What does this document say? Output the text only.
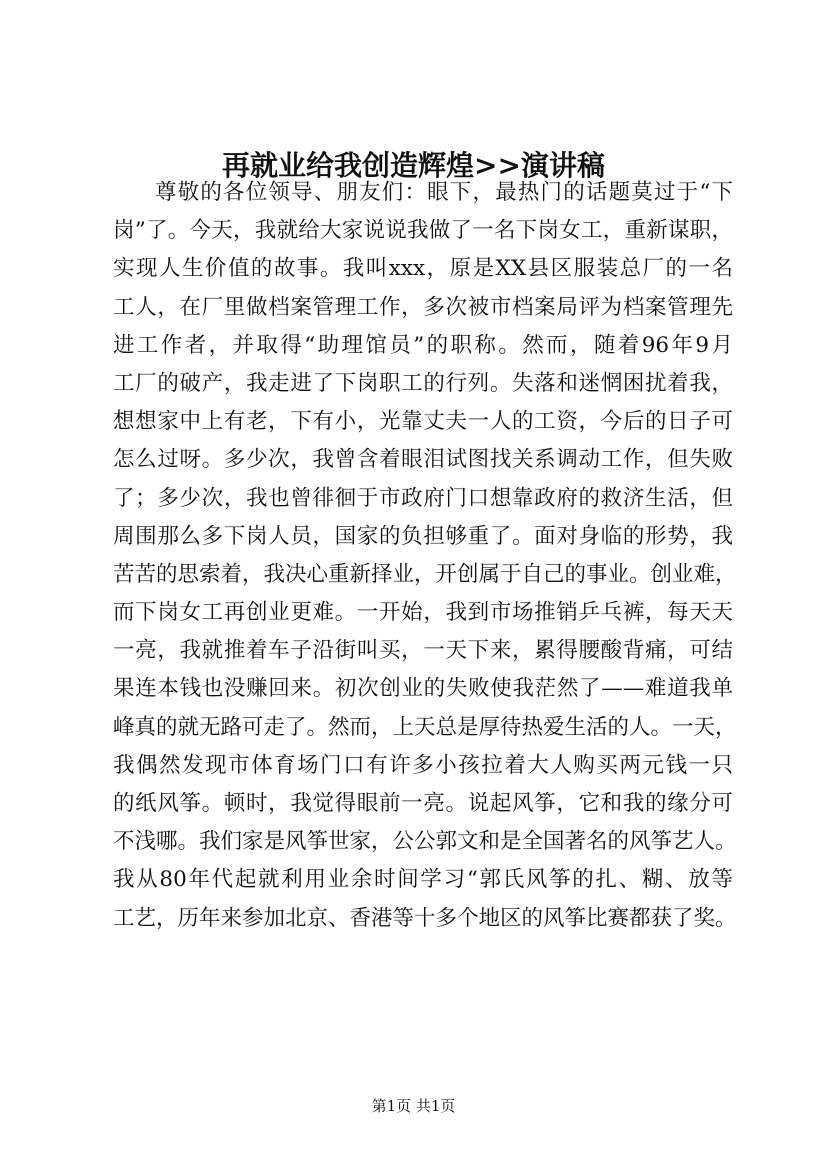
再就业给我创造辉煌>>演讲稿
尊敬的各位领导、朋友们：眼下，最热门的话题莫过于“下
岗”了。今天，我就给大家说说我做了一名下岗女工，重新谋职，
实现人生价值的故事。我叫xxx，原是XX县区服装总厂的一名
工人，在厂里做档案管理工作，多次被市档案局评为档案管理先
进工作者，并取得“助理馆员”的职称。然而，随着96年9月
工厂的破产，我走进了下岗职工的行列。失落和迷惘困扰着我，
想想家中上有老，下有小，光靠丈夫一人的工资，今后的日子可
怎么过呀。多少次，我曾含着眼泪试图找关系调动工作，但失败
了；多少次，我也曾徘徊于市政府门口想靠政府的救济生活，但
周围那么多下岗人员，国家的负担够重了。面对身临的形势，我
苦苦的思索着，我决心重新择业，开创属于自己的事业。创业难，
而下岗女工再创业更难。一开始，我到市场推销乒乓裤，每天天
一亮，我就推着车子沿街叫买，一天下来，累得腰酸背痛，可结
果连本钱也没赚回来。初次创业的失败使我茫然了——难道我单
峰真的就无路可走了。然而，上天总是厚待热爱生活的人。一天，
我偶然发现市体育场门口有许多小孩拉着大人购买两元钱一只
的纸风筝。顿时，我觉得眼前一亮。说起风筝，它和我的缘分可
不浅哪。我们家是风筝世家，公公郭文和是全国著名的风筝艺人。
我从80年代起就利用业余时间学习“郭氏风筝的扎、糊、放等
工艺，历年来参加北京、香港等十多个地区的风筝比赛都获了奖。
第1页 共1页
